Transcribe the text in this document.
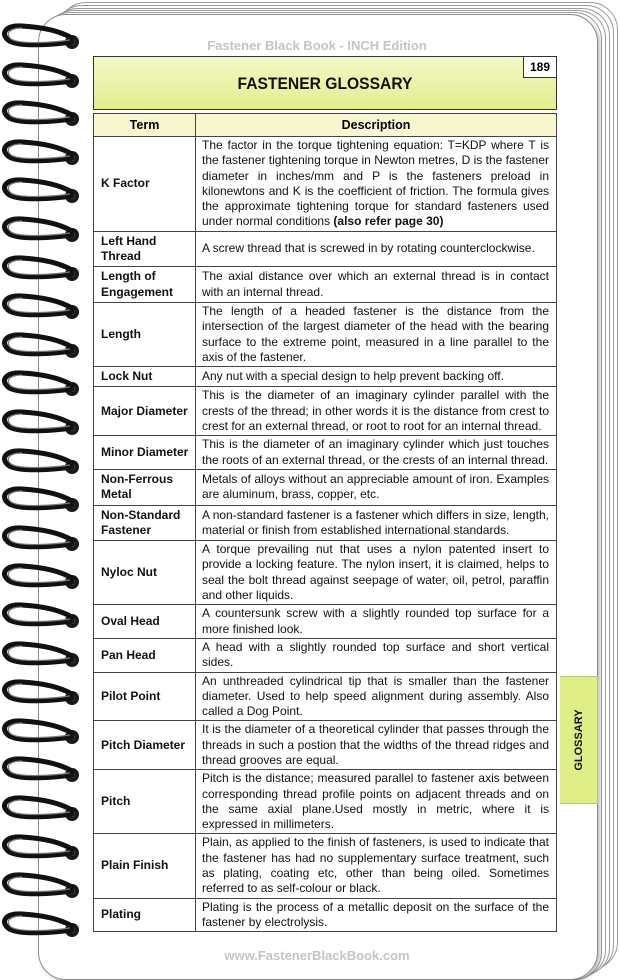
Fastener Black Book - INCH Edition
FASTENER GLOSSARY
189
Term	Description
K Factor	The factor in the torque tightening equation: T=KDP where T is the fastener tightening torque in Newton metres, D is the fastener diameter in inches/mm and P is the fasteners preload in kilonewtons and K is the coefficient of friction. The formula gives the approximate tightening torque for standard fasteners used under normal conditions (also refer page 30)
Left Hand Thread	A screw thread that is screwed in by rotating counterclockwise.
Length of Engagement	The axial distance over which an external thread is in contact with an internal thread.
Length	The length of a headed fastener is the distance from the intersection of the largest diameter of the head with the bearing surface to the extreme point, measured in a line parallel to the axis of the fastener.
Lock Nut	Any nut with a special design to help prevent backing off.
Major Diameter	This is the diameter of an imaginary cylinder parallel with the crests of the thread; in other words it is the distance from crest to crest for an external thread, or root to root for an internal thread.
Minor Diameter	This is the diameter of an imaginary cylinder which just touches the roots of an external thread, or the crests of an internal thread.
Non-Ferrous Metal	Metals of alloys without an appreciable amount of iron. Examples are aluminum, brass, copper, etc.
Non-Standard Fastener	A non-standard fastener is a fastener which differs in size, length, material or finish from established international standards.
Nyloc Nut	A torque prevailing nut that uses a nylon patented insert to provide a locking feature. The nylon insert, it is claimed, helps to seal the bolt thread against seepage of water, oil, petrol, paraffin and other liquids.
Oval Head	A countersunk screw with a slightly rounded top surface for a more finished look.
Pan Head	A head with a slightly rounded top surface and short vertical sides.
Pilot Point	An unthreaded cylindrical tip that is smaller than the fastener diameter. Used to help speed alignment during assembly. Also called a Dog Point.
Pitch Diameter	It is the diameter of a theoretical cylinder that passes through the threads in such a postion that the widths of the thread ridges and thread grooves are equal.
Pitch	Pitch is the distance; measured parallel to fastener axis between corresponding thread profile points on adjacent threads and on the same axial plane.Used mostly in metric, where it is expressed in millimeters.
Plain Finish	Plain, as applied to the finish of fasteners, is used to indicate that the fastener has had no supplementary surface treatment, such as plating, coating etc, other than being oiled. Sometimes referred to as self-colour or black.
Plating	Plating is the process of a metallic deposit on the surface of the fastener by electrolysis.
GLOSSARY
www.FastenerBlackBook.com
